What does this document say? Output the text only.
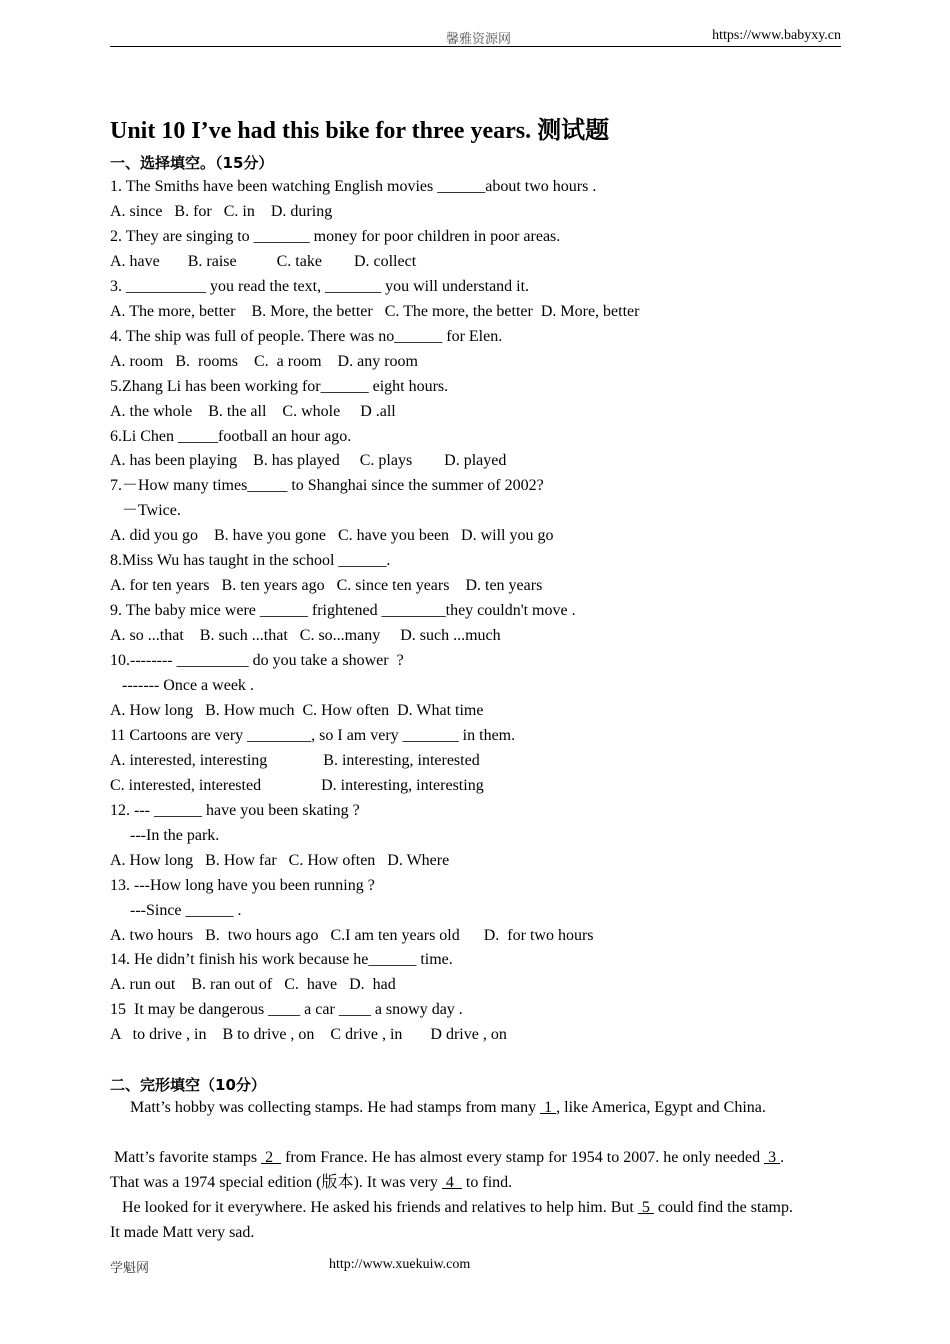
馨雅资源网	https://www.babyxy.cn
Unit 10 I’ve had this bike for three years. 测试题
一、选择填空。（15分）
1. The Smiths have been watching English movies ______about two hours .
A. since   B. for   C. in    D. during
2. They are singing to _______ money for poor children in poor areas.
A. have       B. raise          C. take        D. collect
3. __________ you read the text, _______ you will understand it.
A. The more, better    B. More, the better   C. The more, the better  D. More, better
4. The ship was full of people. There was no______ for Elen.
A. room   B.  rooms    C.  a room    D. any room
5.Zhang Li has been working for______ eight hours.
A. the whole    B. the all    C. whole     D .all
6.Li Chen _____football an hour ago.
A. has been playing    B. has played     C. plays        D. played
7.－How many times_____ to Shanghai since the summer of 2002?
－Twice.
A. did you go    B. have you gone   C. have you been   D. will you go
8.Miss Wu has taught in the school ______.
A. for ten years   B. ten years ago   C. since ten years    D. ten years
9. The baby mice were ______ frightened ________they couldn't move .
A. so ...that    B. such ...that   C. so...many     D. such ...much
10.-------- _________ do you take a shower  ?
------- Once a week .
A. How long   B. How much  C. How often  D. What time
11 Cartoons are very ________, so I am very _______ in them.
A. interested, interesting              B. interesting, interested
C. interested, interested               D. interesting, interesting
12. --- ______ have you been skating ?
---In the park.
A. How long   B. How far   C. How often   D. Where
13. ---How long have you been running ?
---Since ______ .
A. two hours   B.  two hours ago   C.I am ten years old      D.  for two hours
14. He didn’t finish his work because he______ time.
A. run out    B. ran out of   C.  have   D.  had
15  It may be dangerous ____ a car ____ a snowy day .
A   to drive , in    B to drive , on    C drive , in       D drive , on
二、完形填空（10分）
Matt’s hobby was collecting stamps. He had stamps from many  1 , like America, Egypt and China.
Matt’s favorite stamps  2   from France. He has almost every stamp for 1954 to 2007. he only needed  3 .
That was a 1974 special edition (版本). It was very  4   to find.
He looked for it everywhere. He asked his friends and relatives to help him. But  5  could find the stamp.
It made Matt very sad.
学魁网	http://www.xuekuiw.com
